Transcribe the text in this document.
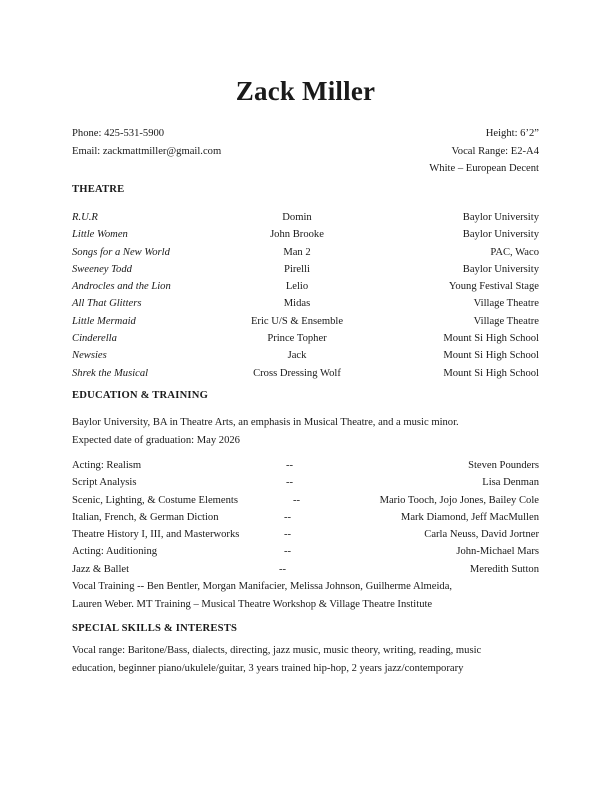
Zack Miller
Phone: 425-531-5900	Height: 6’2”
Email: zackmattmiller@gmail.com	Vocal Range: E2-A4
White – European Decent
THEATRE
R.U.R	Domin	Baylor University
Little Women	John Brooke	Baylor University
Songs for a New World	Man 2	PAC, Waco
Sweeney Todd	Pirelli	Baylor University
Androcles and the Lion	Lelio	Young Festival Stage
All That Glitters	Midas	Village Theatre
Little Mermaid	Eric U/S & Ensemble	Village Theatre
Cinderella	Prince Topher	Mount Si High School
Newsies	Jack	Mount Si High School
Shrek the Musical	Cross Dressing Wolf	Mount Si High School
EDUCATION & TRAINING
Baylor University, BA in Theatre Arts, an emphasis in Musical Theatre, and a music minor.
Expected date of graduation: May 2026
Acting: Realism	--	Steven Pounders
Script Analysis	--	Lisa Denman
Scenic, Lighting, & Costume Elements	--	Mario Tooch, Jojo Jones, Bailey Cole
Italian, French, & German Diction	--	Mark Diamond, Jeff MacMullen
Theatre History I, III, and Masterworks	--	Carla Neuss, David Jortner
Acting: Auditioning	--	John-Michael Mars
Jazz & Ballet	--	Meredith Sutton
Vocal Training -- Ben Bentler, Morgan Manifacier, Melissa Johnson, Guilherme Almeida,
Lauren Weber. MT Training – Musical Theatre Workshop & Village Theatre Institute
SPECIAL SKILLS & INTERESTS
Vocal range: Baritone/Bass, dialects, directing, jazz music, music theory, writing, reading, music
education, beginner piano/ukulele/guitar, 3 years trained hip-hop, 2 years jazz/contemporary
